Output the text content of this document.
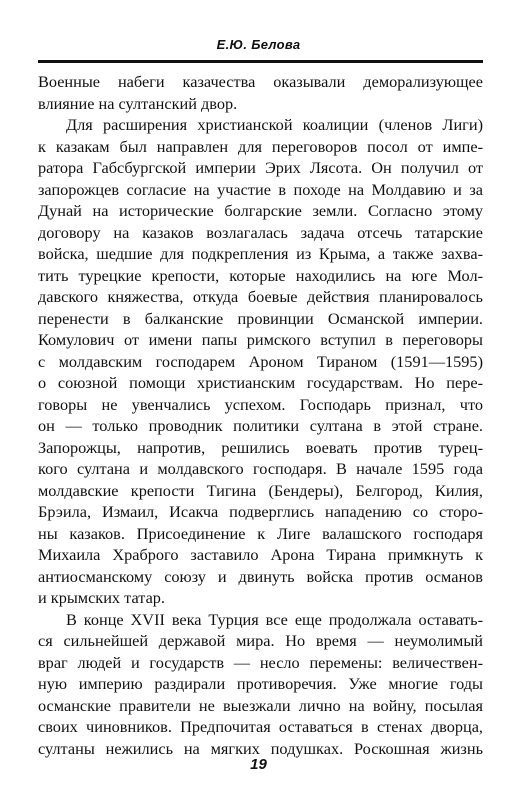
Е.Ю. Белова
Военные набеги казачества оказывали деморализующее
влияние на султанский двор.
Для расширения христианской коалиции (членов Лиги)
к казакам был направлен для переговоров посол от импе-
ратора Габсбургской империи Эрих Лясота. Он получил от
запорожцев согласие на участие в походе на Молдавию и за
Дунай на исторические болгарские земли. Согласно этому
договору на казаков возлагалась задача отсечь татарские
войска, шедшие для подкрепления из Крыма, а также захва-
тить турецкие крепости, которые находились на юге Мол-
давского княжества, откуда боевые действия планировалось
перенести в балканские провинции Османской империи.
Комулович от имени папы римского вступил в переговоры
с молдавским господарем Ароном Тираном (1591—1595)
о союзной помощи христианским государствам. Но пере-
говоры не увенчались успехом. Господарь признал, что
он — только проводник политики султана в этой стране.
Запорожцы, напротив, решились воевать против турец-
кого султана и молдавского господаря. В начале 1595 года
молдавские крепости Тигина (Бендеры), Белгород, Килия,
Брэила, Измаил, Исакча подверглись нападению со сторо-
ны казаков. Присоединение к Лиге валашского господаря
Михаила Храброго заставило Арона Тирана примкнуть к
антиосманскому союзу и двинуть войска против османов
и крымских татар.
В конце XVII века Турция все еще продолжала оставать-
ся сильнейшей державой мира. Но время — неумолимый
враг людей и государств — несло перемены: величествен-
ную империю раздирали противоречия. Уже многие годы
османские правители не выезжали лично на войну, посылая
своих чиновников. Предпочитая оставаться в стенах дворца,
султаны нежились на мягких подушках. Роскошная жизнь
19
